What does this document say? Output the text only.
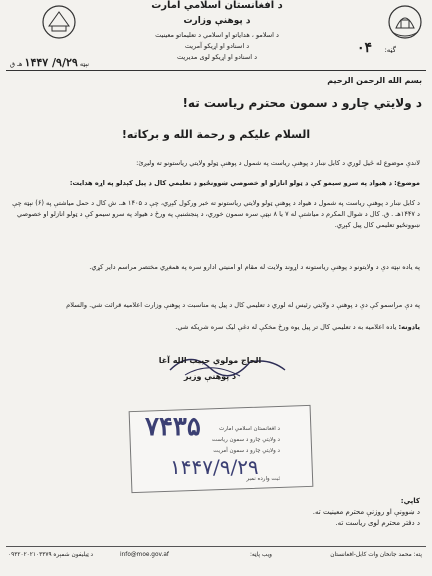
د افغانستان اسلامي امارت
د پوهنې وزارت
د اسلامو ، هدایاتو او اسلامي د تعلیماتو معینیت
د اسنادو او اړیکو آمریت
د اسنادو او اړیکو لوی مدیریت
گڼه:
۰۴
نېټه ۹/۲۹/ ۱۴۴۷ هـ ق
بسم الله الرحمن الرحیم
د ولایتي چارو د سمون محترم ریاست ته!
السلام علیکم و رحمة الله و برکاته!
لاندې موضوع له څیل لوري د کابل ښار د پوهنې ریاست په شمول د پوهنې ټولو ولایتي ریاستونو ته ولیږئ:
موضوع: د هیواد په سرو سیمو کې د ټولو انازلو او خصوصي ښوونځیو د تعلیمي کال د پیل کېدلو په اړه هدایت:
د کابل ښار د پوهنې ریاست په شمول د هیواد د پوهنې ټولو ولایتي ریاستونو ته خبر ورکول کېږي، چې د ۱۴۰۵ هـ. ش کال د حمل میاشتې په (۶) نېټه چې د ۱۴۴۷هـ . ق. کال د شوال المکرم د میاشتې له ۷ یا ۸ نېټې سره سمون خوري، د پنجشنبې په ورځ د هیواد په سرو سیمو کې د ټولو انازلو او خصوصي ښوونځیو تعلیمي کال پیل کېږي.
په یاده نېټه دې د ولایتونو د پوهنې ریاستونه د اړوند ولایت له مقام او امنیتي ادارو سره په همغږي مختصر مراسم دایر کړي.
په دې مراسمو کې دې د پوهنې د ولایتي رئیس له لوري د تعلیمي کال د پیل په مناسبت د پوهنې وزارت اعلامیه قرائت شي. والسلام
یادونه: یاده اعلامیه به د تعلیمي کال تر پیل یوه ورځ مخکې له دغې لیک سره شریکه شي.
الحاج مولوي حبیب الله آغا
د پوهنې وزیر
۷۴۳۵	د افغانستان اسلامي امارت
د ولایتي چارو د سمون ریاست
د ولایتي چارو د سمون آمریت
۱۴۴۷/۹/۲۹
ثبت وارده نمبر
کاپي:
د ښوونې او روزنې محترم معینیت ته.
د دفتر محترم لوی ریاست ته.
پته: محمد جانخان وات کابل-افغانستان
ویب پاڼه:
info@moe.gov.af
د ټیلیفون شمېره ۰۹۳۲۰۲۰۲۱۰۳۳۷۹
